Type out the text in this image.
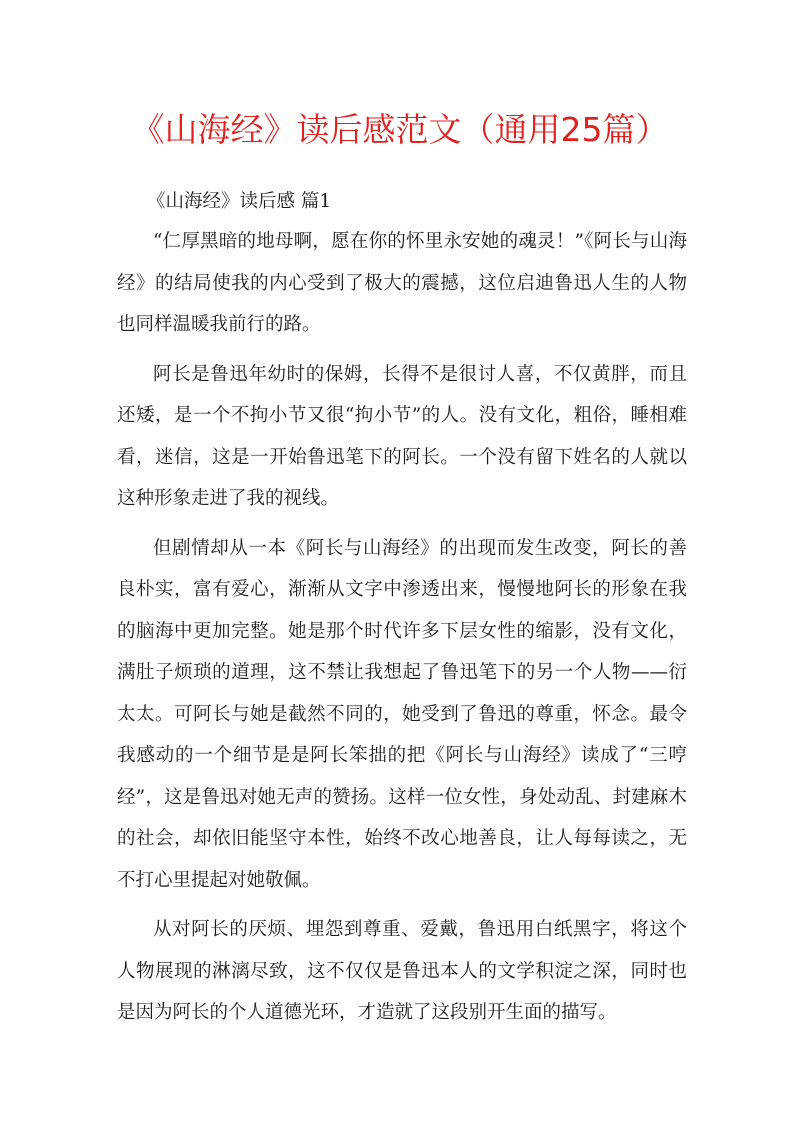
《山海经》读后感范文（通用25篇）
《山海经》读后感 篇1

“仁厚黑暗的地母啊，愿在你的怀里永安她的魂灵！”《阿长与山海经》的结局使我的内心受到了极大的震撼，这位启迪鲁迅人生的人物也同样温暖我前行的路。

阿长是鲁迅年幼时的保姆，长得不是很讨人喜，不仅黄胖，而且还矮，是一个不拘小节又很“拘小节”的人。没有文化，粗俗，睡相难看，迷信，这是一开始鲁迅笔下的阿长。一个没有留下姓名的人就以这种形象走进了我的视线。

但剧情却从一本《阿长与山海经》的出现而发生改变，阿长的善良朴实，富有爱心，渐渐从文字中渗透出来，慢慢地阿长的形象在我的脑海中更加完整。她是那个时代许多下层女性的缩影，没有文化，满肚子烦琐的道理，这不禁让我想起了鲁迅笔下的另一个人物——衍太太。可阿长与她是截然不同的，她受到了鲁迅的尊重，怀念。最令我感动的一个细节是是阿长笨拙的把《阿长与山海经》读成了“三哼经”，这是鲁迅对她无声的赞扬。这样一位女性，身处动乱、封建麻木的社会，却依旧能坚守本性，始终不改心地善良，让人每每读之，无不打心里提起对她敬佩。

从对阿长的厌烦、埋怨到尊重、爱戴，鲁迅用白纸黑字，将这个人物展现的淋漓尽致，这不仅仅是鲁迅本人的文学积淀之深，同时也是因为阿长的个人道德光环，才造就了这段别开生面的描写。
